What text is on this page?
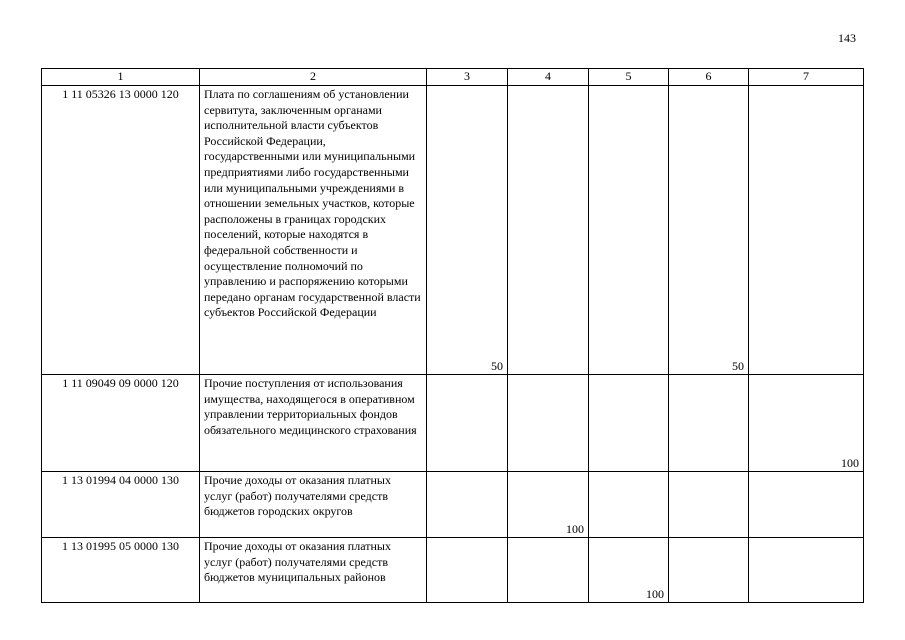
143
1	2	3	4	5	6	7
1 11 05326 13 0000 120	Плата по соглашениям об установлении сервитута, заключенным органами исполнительной власти субъектов Российской Федерации, государственными или муниципальными предприятиями либо государственными или муниципальными учреждениями в отношении земельных участков, которые расположены в границах городских поселений, которые находятся в федеральной собственности и осуществление полномочий по управлению и распоряжению которыми передано органам государственной власти субъектов Российской Федерации	50			50	

1 11 09049 09 0000 120	Прочие поступления от использования имущества, находящегося в оперативном управлении территориальных фондов обязательного медицинского страхования					100

1 13 01994 04 0000 130	Прочие доходы от оказания платных услуг (работ) получателями средств бюджетов городских округов		100			

1 13 01995 05 0000 130	Прочие доходы от оказания платных услуг (работ) получателями средств бюджетов муниципальных районов			100		
